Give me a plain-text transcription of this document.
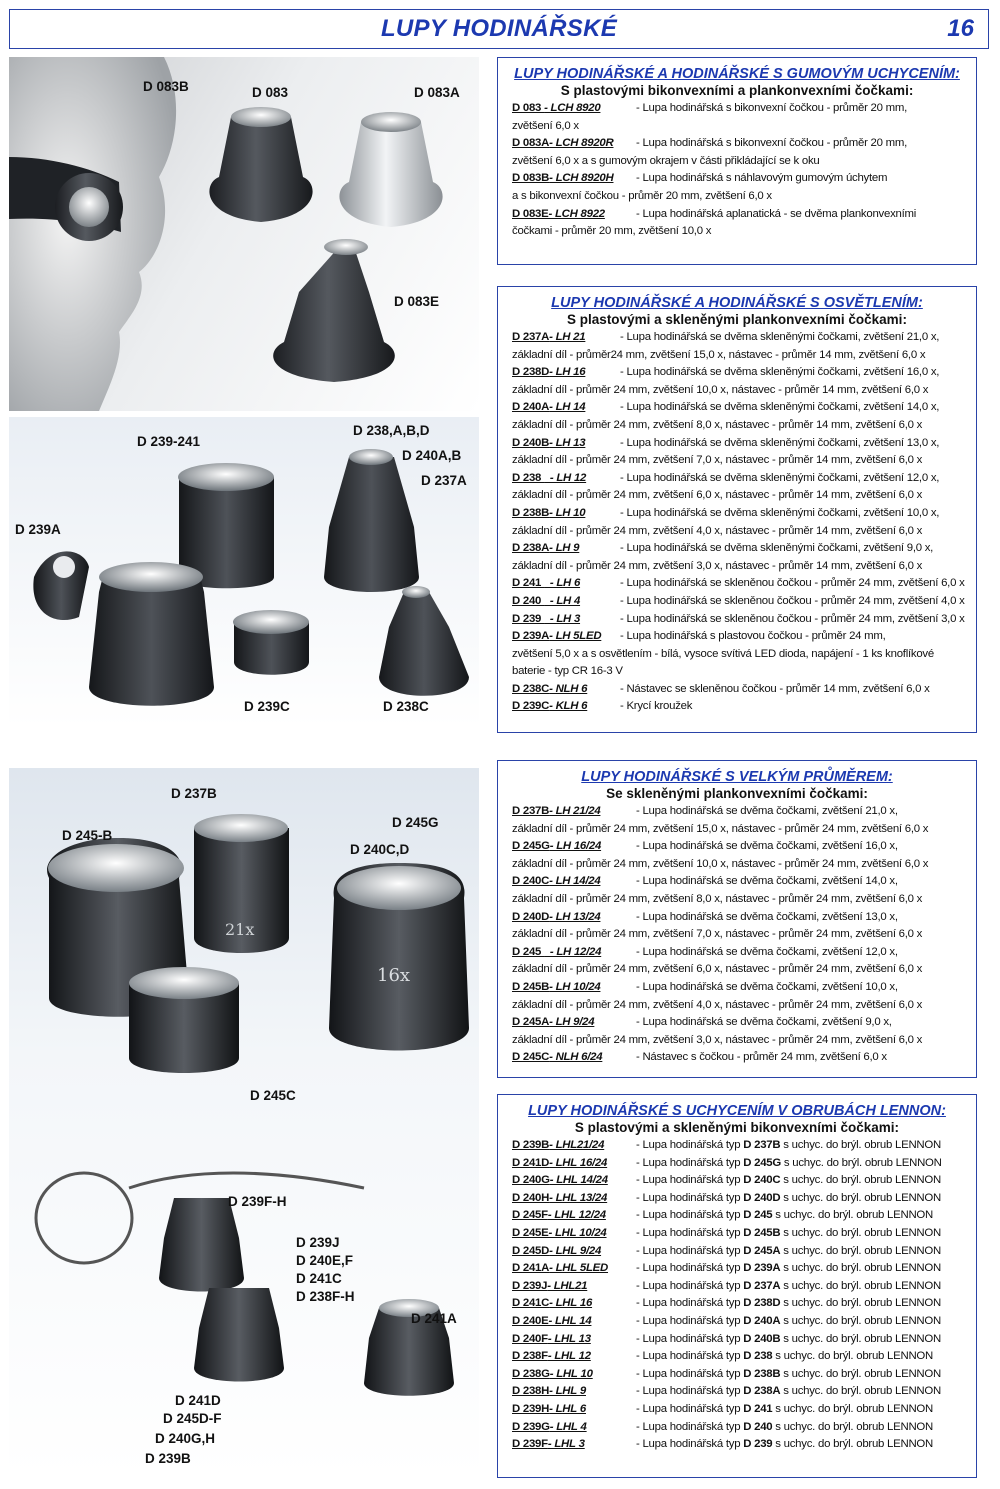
LUPY HODINÁŘSKÉ	16
D 083B	D 083	D 083A
D 083E
D 239-241
D 238,A,B,D
D 240A,B
D 237A
D 239A
D 239C	D 238C
21x
16x
D 237B
D 245-B
D 245G
D 240C,D
D 245C
D 239F-H
D 239J
D 240E,F
D 241C
D 238F-H
D 241A
D 241D
D 245D-F
D 240G,H
D 239B
LUPY HODINÁŘSKÉ A HODINÁŘSKÉ S GUMOVÝM UCHYCENÍM:
S plastovými bikonvexními a plankonvexními čočkami:
D 083 - LCH 8920	- Lupa hodinářská s bikonvexní čočkou - průměr 20 mm,
zvětšení 6,0 x
D 083A- LCH 8920R - Lupa hodinářská s bikonvexní čočkou - průměr 20 mm,
zvětšení 6,0 x a s gumovým okrajem v části přikládající se k oku
D 083B- LCH 8920H - Lupa hodinářská s náhlavovým gumovým úchytem
a s bikonvexní čočkou - průměr 20 mm, zvětšení 6,0 x
D 083E- LCH 8922	- Lupa hodinářská aplanatická - se dvěma plankonvexními
čočkami - průměr 20 mm, zvětšení 10,0 x
LUPY HODINÁŘSKÉ A HODINÁŘSKÉ S OSVĚTLENÍM:
S plastovými a skleněnými plankonvexními čočkami:
D 237A- LH 21	- Lupa hodinářská se dvěma skleněnými čočkami, zvětšení 21,0 x,
základní díl - průměr24 mm, zvětšení 15,0 x, nástavec - průměr 14 mm, zvětšení 6,0 x
D 238D- LH 16	- Lupa hodinářská se dvěma skleněnými čočkami, zvětšení 16,0 x,
základní díl - průměr 24 mm, zvětšení 10,0 x, nástavec - průměr 14 mm, zvětšení 6,0 x
D 240A- LH 14	- Lupa hodinářská se dvěma skleněnými čočkami, zvětšení 14,0 x,
základní díl - průměr 24 mm, zvětšení 8,0 x, nástavec - průměr 14 mm, zvětšení 6,0 x
D 240B- LH 13	- Lupa hodinářská se dvěma skleněnými čočkami, zvětšení 13,0 x,
základní díl - průměr 24 mm, zvětšení 7,0 x, nástavec - průměr 14 mm, zvětšení 6,0 x
D 238   - LH 12	- Lupa hodinářská se dvěma skleněnými čočkami, zvětšení 12,0 x,
základní díl - průměr 24 mm, zvětšení 6,0 x, nástavec - průměr 14 mm, zvětšení 6,0 x
D 238B- LH 10	- Lupa hodinářská se dvěma skleněnými čočkami, zvětšení 10,0 x,
základní díl - průměr 24 mm, zvětšení 4,0 x, nástavec - průměr 14 mm, zvětšení 6,0 x
D 238A- LH 9	- Lupa hodinářská se dvěma skleněnými čočkami, zvětšení 9,0 x,
základní díl - průměr 24 mm, zvětšení 3,0 x, nástavec - průměr 14 mm, zvětšení 6,0 x
D 241   - LH 6	- Lupa hodinářská se skleněnou čočkou - průměr 24 mm, zvětšení 6,0 x
D 240   - LH 4	- Lupa hodinářská se skleněnou čočkou - průměr 24 mm, zvětšení 4,0 x
D 239   - LH 3	- Lupa hodinářská se skleněnou čočkou - průměr 24 mm, zvětšení 3,0 x
D 239A- LH 5LED - Lupa hodinářská s plastovou čočkou - průměr 24 mm,
zvětšení 5,0 x a s osvětlením - bílá, vysoce svítivá LED dioda, napájení - 1 ks knoflíkové
baterie - typ CR 16-3 V
D 238C- NLH 6	- Nástavec se skleněnou čočkou - průměr 14 mm, zvětšení 6,0 x
D 239C- KLH 6	- Krycí kroužek
LUPY HODINÁŘSKÉ S VELKÝM PRŮMĚREM:
Se skleněnými plankonvexními čočkami:
D 237B- LH 21/24	- Lupa hodinářská se dvěma čočkami, zvětšení 21,0 x,
základní díl - průměr 24 mm, zvětšení 15,0 x, nástavec - průměr 24 mm, zvětšení 6,0 x
D 245G- LH 16/24	- Lupa hodinářská se dvěma čočkami, zvětšení 16,0 x,
základní díl - průměr 24 mm, zvětšení 10,0 x, nástavec - průměr 24 mm, zvětšení 6,0 x
D 240C- LH 14/24	- Lupa hodinářská se dvěma čočkami, zvětšení 14,0 x,
základní díl - průměr 24 mm, zvětšení 8,0 x, nástavec - průměr 24 mm, zvětšení 6,0 x
D 240D- LH 13/24	- Lupa hodinářská se dvěma čočkami, zvětšení 13,0 x,
základní díl - průměr 24 mm, zvětšení 7,0 x, nástavec - průměr 24 mm, zvětšení 6,0 x
D 245   - LH 12/24	- Lupa hodinářská se dvěma čočkami, zvětšení 12,0 x,
základní díl - průměr 24 mm, zvětšení 6,0 x, nástavec - průměr 24 mm, zvětšení 6,0 x
D 245B- LH 10/24	- Lupa hodinářská se dvěma čočkami, zvětšení 10,0 x,
základní díl - průměr 24 mm, zvětšení 4,0 x, nástavec - průměr 24 mm, zvětšení 6,0 x
D 245A- LH 9/24	- Lupa hodinářská se dvěma čočkami, zvětšení 9,0 x,
základní díl - průměr 24 mm, zvětšení 3,0 x, nástavec - průměr 24 mm, zvětšení 6,0 x
D 245C- NLH 6/24	- Nástavec s čočkou - průměr 24 mm, zvětšení 6,0 x
LUPY HODINÁŘSKÉ S UCHYCENÍM V OBRUBÁCH LENNON:
S plastovými a skleněnými bikonvexními čočkami:
D 239B- LHL21/24	- Lupa hodinářská typ D 237B s uchyc. do brýl. obrub LENNON
D 241D- LHL 16/24	- Lupa hodinářská typ D 245G s uchyc. do brýl. obrub LENNON
D 240G- LHL 14/24 - Lupa hodinářská typ D 240C s uchyc. do brýl. obrub LENNON
D 240H- LHL 13/24	- Lupa hodinářská typ D 240D s uchyc. do brýl. obrub LENNON
D 245F- LHL 12/24	- Lupa hodinářská typ D 245 s uchyc. do brýl. obrub LENNON
D 245E- LHL 10/24	- Lupa hodinářská typ D 245B s uchyc. do brýl. obrub LENNON
D 245D- LHL 9/24	- Lupa hodinářská typ D 245A s uchyc. do brýl. obrub LENNON
D 241A- LHL 5LED - Lupa hodinářská typ D 239A s uchyc. do brýl. obrub LENNON
D 239J- LHL21	- Lupa hodinářská typ D 237A s uchyc. do brýl. obrub LENNON
D 241C- LHL 16	- Lupa hodinářská typ D 238D s uchyc. do brýl. obrub LENNON
D 240E- LHL 14	- Lupa hodinářská typ D 240A s uchyc. do brýl. obrub LENNON
D 240F- LHL 13	- Lupa hodinářská typ D 240B s uchyc. do brýl. obrub LENNON
D 238F- LHL 12	- Lupa hodinářská typ D 238 s uchyc. do brýl. obrub LENNON
D 238G- LHL 10	- Lupa hodinářská typ D 238B s uchyc. do brýl. obrub LENNON
D 238H- LHL 9	- Lupa hodinářská typ D 238A s uchyc. do brýl. obrub LENNON
D 239H- LHL 6	- Lupa hodinářská typ D 241 s uchyc. do brýl. obrub LENNON
D 239G- LHL 4	- Lupa hodinářská typ D 240 s uchyc. do brýl. obrub LENNON
D 239F- LHL 3	- Lupa hodinářská typ D 239 s uchyc. do brýl. obrub LENNON
